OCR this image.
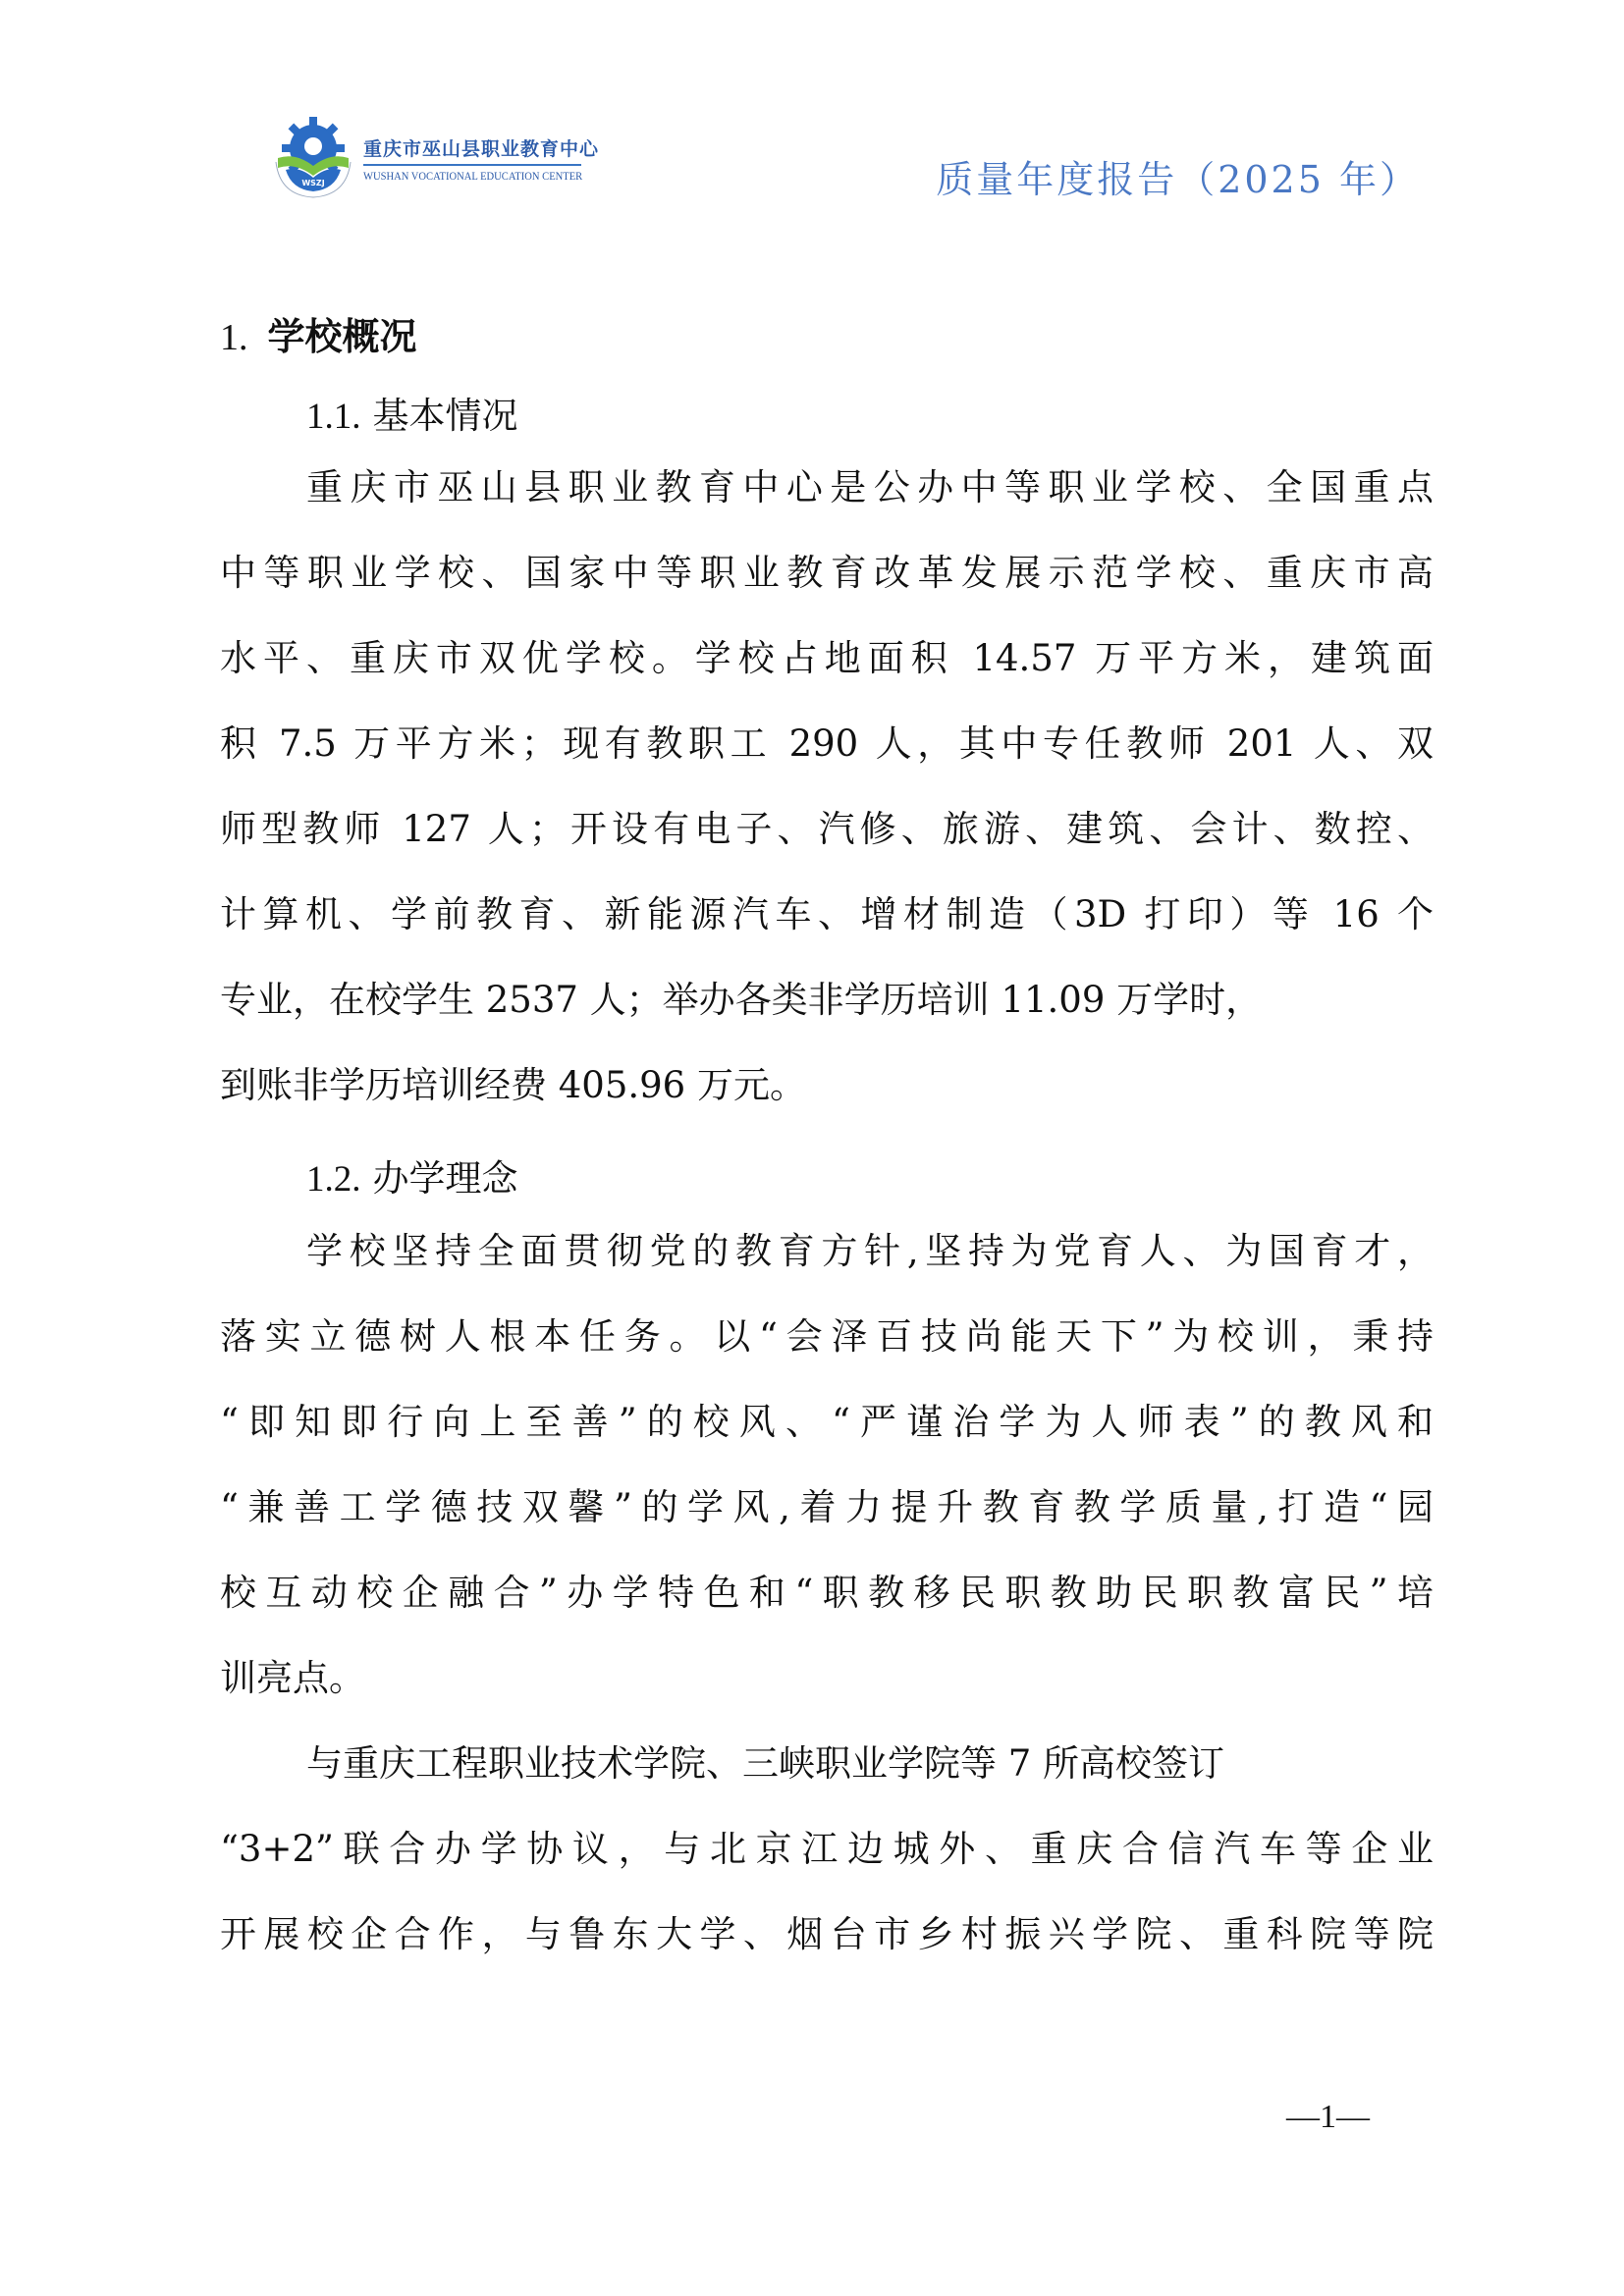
WSZJ
重庆市巫山县职业教育中心
WUSHAN VOCATIONAL EDUCATION CENTER	质量年度报告（2025 年）
1. 学校概况
1.1. 基本情况
重庆市巫山县职业教育中心是公办中等职业学校、全国重点
中等职业学校、国家中等职业教育改革发展示范学校、重庆市高
水平、重庆市双优学校。学校占地面积 14.57 万平方米，建筑面
积 7.5 万平方米；现有教职工 290 人，其中专任教师 201 人、双
师型教师 127 人；开设有电子、汽修、旅游、建筑、会计、数控、
计算机、学前教育、新能源汽车、增材制造（3D 打印）等 16 个
专业，在校学生 2537 人；举办各类非学历培训 11.09 万学时，
到账非学历培训经费 405.96 万元。
1.2. 办学理念
学校坚持全面贯彻党的教育方针,坚持为党育人、为国育才，
落实立德树人根本任务。以“会泽百技尚能天下”为校训，秉持
“即知即行向上至善”的校风、“严谨治学为人师表”的教风和
“兼善工学德技双馨”的学风,着力提升教育教学质量,打造“园
校互动校企融合”办学特色和“职教移民职教助民职教富民”培
训亮点。
与重庆工程职业技术学院、三峡职业学院等 7 所高校签订
“3+2”联合办学协议，与北京江边城外、重庆合信汽车等企业
开展校企合作，与鲁东大学、烟台市乡村振兴学院、重科院等院
—1—
